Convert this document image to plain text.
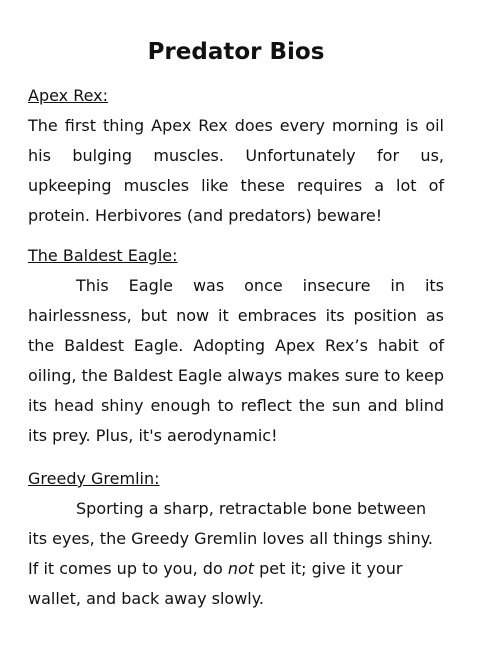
Predator Bios

Apex Rex:

The first thing Apex Rex does every morning is oil his bulging muscles. Unfortunately for us, upkeeping muscles like these requires a lot of protein. Herbivores (and predators) beware!

The Baldest Eagle:

This Eagle was once insecure in its hairlessness, but now it embraces its position as the Baldest Eagle. Adopting Apex Rex’s habit of oiling, the Baldest Eagle always makes sure to keep its head shiny enough to reflect the sun and blind its prey. Plus, it's aerodynamic!

Greedy Gremlin:

Sporting a sharp, retractable bone between its eyes, the Greedy Gremlin loves all things shiny. If it comes up to you, do not pet it; give it your wallet, and back away slowly.
